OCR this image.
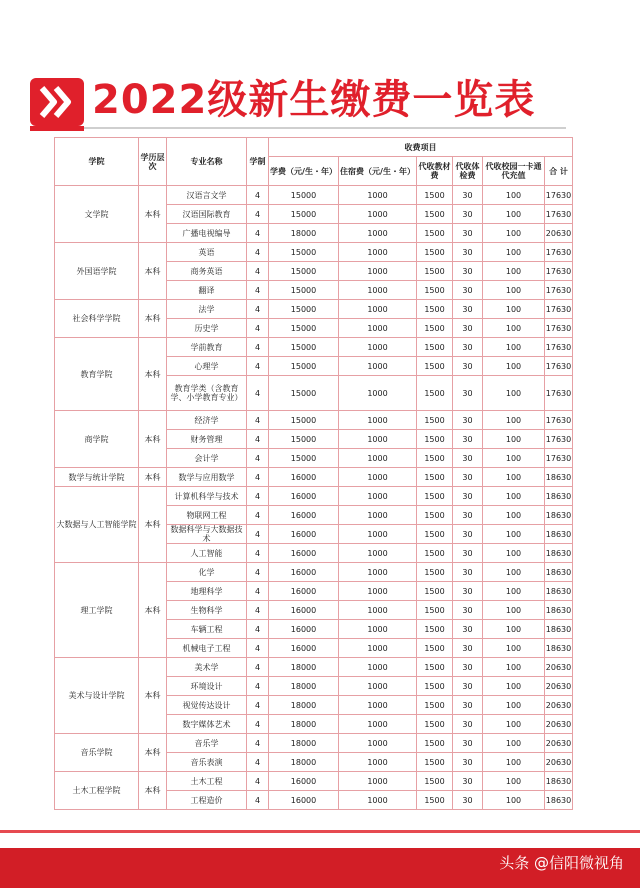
2022级新生缴费一览表
学院	学历层次	专业名称	学制	收费项目					
				学费（元/生・年）	住宿费（元/生・年）	代收教材费	代收体检费	代收校园一卡通代充值	合 计
文学院	本科	汉语言文学	4	15000	1000	1500	30	100	17630
		汉语国际教育	4	15000	1000	1500	30	100	17630
		广播电视编导	4	18000	1000	1500	30	100	20630
外国语学院	本科	英语	4	15000	1000	1500	30	100	17630
		商务英语	4	15000	1000	1500	30	100	17630
		翻译	4	15000	1000	1500	30	100	17630
社会科学学院	本科	法学	4	15000	1000	1500	30	100	17630
		历史学	4	15000	1000	1500	30	100	17630
教育学院	本科	学前教育	4	15000	1000	1500	30	100	17630
		心理学	4	15000	1000	1500	30	100	17630
		教育学类（含教育学、小学教育专业）	4	15000	1000	1500	30	100	17630
商学院	本科	经济学	4	15000	1000	1500	30	100	17630
		财务管理	4	15000	1000	1500	30	100	17630
		会计学	4	15000	1000	1500	30	100	17630
数学与统计学院	本科	数学与应用数学	4	16000	1000	1500	30	100	18630
大数据与人工智能学院	本科	计算机科学与技术	4	16000	1000	1500	30	100	18630
		物联网工程	4	16000	1000	1500	30	100	18630
		数据科学与大数据技术	4	16000	1000	1500	30	100	18630
		人工智能	4	16000	1000	1500	30	100	18630
理工学院	本科	化学	4	16000	1000	1500	30	100	18630
		地理科学	4	16000	1000	1500	30	100	18630
		生物科学	4	16000	1000	1500	30	100	18630
		车辆工程	4	16000	1000	1500	30	100	18630
		机械电子工程	4	16000	1000	1500	30	100	18630
美术与设计学院	本科	美术学	4	18000	1000	1500	30	100	20630
		环境设计	4	18000	1000	1500	30	100	20630
		视觉传达设计	4	18000	1000	1500	30	100	20630
		数字媒体艺术	4	18000	1000	1500	30	100	20630
音乐学院	本科	音乐学	4	18000	1000	1500	30	100	20630
		音乐表演	4	18000	1000	1500	30	100	20630
土木工程学院	本科	土木工程	4	16000	1000	1500	30	100	18630
		工程造价	4	16000	1000	1500	30	100	18630
头条 @信阳微视角
